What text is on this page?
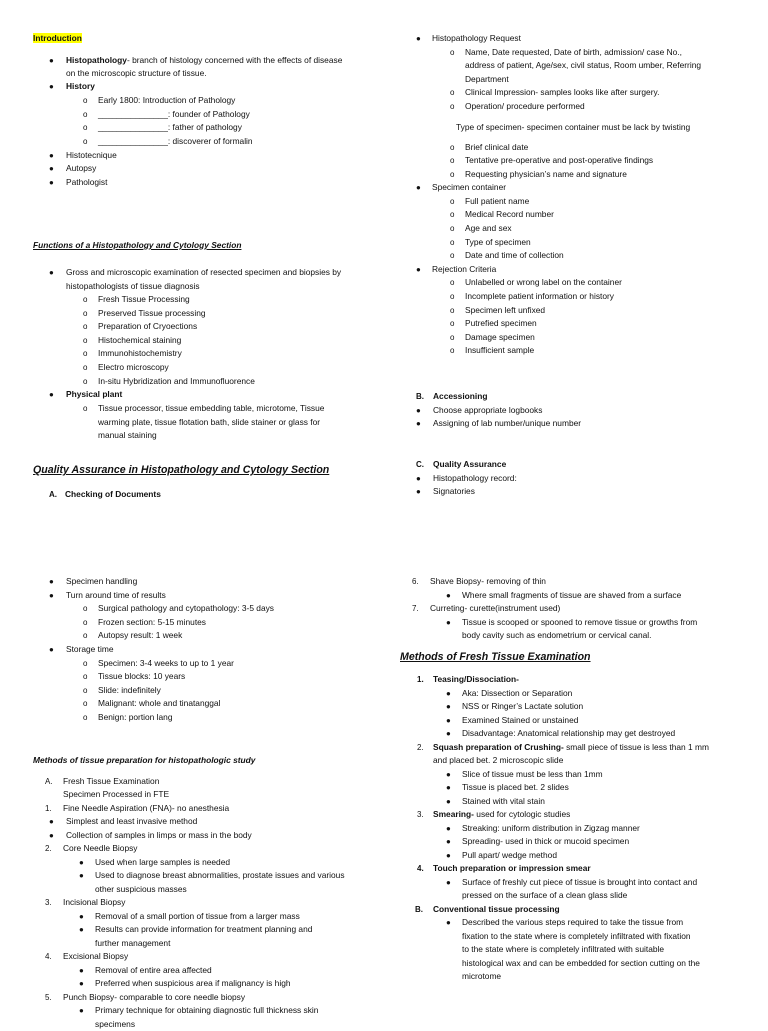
Introduction
● Histopathology- branch of histology concerned with the effects of disease
on the microscopic structure of tissue.
● History
o Early 1800: Introduction of Pathology
o _______________: founder of Pathology
o _______________: father of pathology
o _______________: discoverer of formalin
● Histotecnique
● Autopsy
● Pathologist
Functions of a Histopathology and Cytology Section
● Gross and microscopic examination of resected specimen and biopsies by
histopathologists of tissue diagnosis
o Fresh Tissue Processing
o Preserved Tissue processing
o Preparation of Cryoections
o Histochemical staining
o Immunohistochemistry
o Electro microscopy
o In-situ Hybridization and Immunofluorence
● Physical plant
o Tissue processor, tissue embedding table, microtome, Tissue
warming plate, tissue flotation bath, slide stainer or glass for
manual staining
Quality Assurance in Histopathology and Cytology Section
A. Checking of Documents
● Histopathology Request
o Name, Date requested, Date of birth, admission/ case No.,
address of patient, Age/sex, civil status, Room umber, Referring
Department
o Clinical Impression- samples looks like after surgery.
o Operation/ procedure performed
Type of specimen- specimen container must be lack by twisting
o Brief clinical date
o Tentative pre-operative and post-operative findings
o Requesting physician’s name and signature
● Specimen container
o Full patient name
o Medical Record number
o Age and sex
o Type of specimen
o Date and time of collection
● Rejection Criteria
o Unlabelled or wrong label on the container
o Incomplete patient information or history
o Specimen left unfixed
o Putrefied specimen
o Damage specimen
o Insufficient sample
B. Accessioning
● Choose appropriate logbooks
● Assigning of lab number/unique number
C. Quality Assurance
● Histopathology record:
● Signatories
● Specimen handling
● Turn around time of results
o Surgical pathology and cytopathology: 3-5 days
o Frozen section: 5-15 minutes
o Autopsy result: 1 week
● Storage time
o Specimen: 3-4 weeks to up to 1 year
o Tissue blocks: 10 years
o Slide: indefinitely
o Malignant: whole and tinatanggal
o Benign: portion lang
Methods of tissue preparation for histopathologic study
A. Fresh Tissue Examination
Specimen Processed in FTE
1. Fine Needle Aspiration (FNA)- no anesthesia
● Simplest and least invasive method
● Collection of samples in limps or mass in the body
2. Core Needle Biopsy
● Used when large samples is needed
● Used to diagnose breast abnormalities, prostate issues and various
other suspicious masses
3. Incisional Biopsy
● Removal of a small portion of tissue from a larger mass
● Results can provide information for treatment planning and
further management
4. Excisional Biopsy
● Removal of entire area affected
● Preferred when suspicious area if malignancy is high
5. Punch Biopsy- comparable to core needle biopsy
● Primary technique for obtaining diagnostic full thickness skin
specimens
6. Shave Biopsy- removing of thin
● Where small fragments of tissue are shaved from a surface
7. Curreting- curette(instrument used)
● Tissue is scooped or spooned to remove tissue or growths from
body cavity such as endometrium or cervical canal.
Methods of Fresh Tissue Examination
1. Teasing/Dissociation-
● Aka: Dissection or Separation
● NSS or Ringer’s Lactate solution
● Examined Stained or unstained
● Disadvantage: Anatomical relationship may get destroyed
2. Squash preparation of Crushing- small piece of tissue is less than 1 mm
and placed bet. 2 microscopic slide
● Slice of tissue must be less than 1mm
● Tissue is placed bet. 2 slides
● Stained with vital stain
3. Smearing- used for cytologic studies
● Streaking: uniform distribution in Zigzag manner
● Spreading- used in thick or mucoid specimen
● Pull apart/ wedge method
4. Touch preparation or impression smear
● Surface of freshly cut piece of tissue is brought into contact and
pressed on the surface of a clean glass slide
B. Conventional tissue processing
● Described the various steps required to take the tissue from
fixation to the state where is completely infiltrated with fixation
to the state where is completely infiltrated with suitable
histological wax and can be embedded for section cutting on the
microtome
